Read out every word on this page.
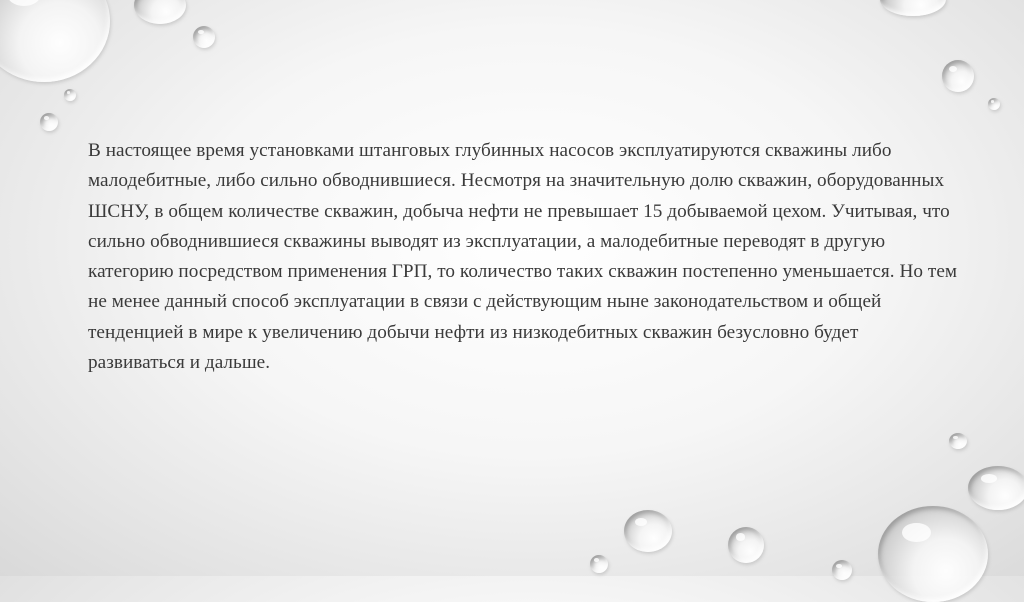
В настоящее время установками штанговых глубинных насосов эксплуатируются скважины либо малодебитные, либо сильно обводнившиеся. Несмотря на значительную долю скважин, оборудованных ШСНУ, в общем количестве скважин, добыча нефти не превышает 15 добываемой цехом. Учитывая, что сильно обводнившиеся скважины выводят из эксплуатации, а малодебитные переводят в другую категорию посредством применения ГРП, то количество таких скважин постепенно уменьшается. Но тем не менее данный способ эксплуатации в связи с действующим ныне законодательством и общей тенденцией в мире к увеличению добычи нефти из низкодебитных скважин безусловно будет развиваться и дальше.
